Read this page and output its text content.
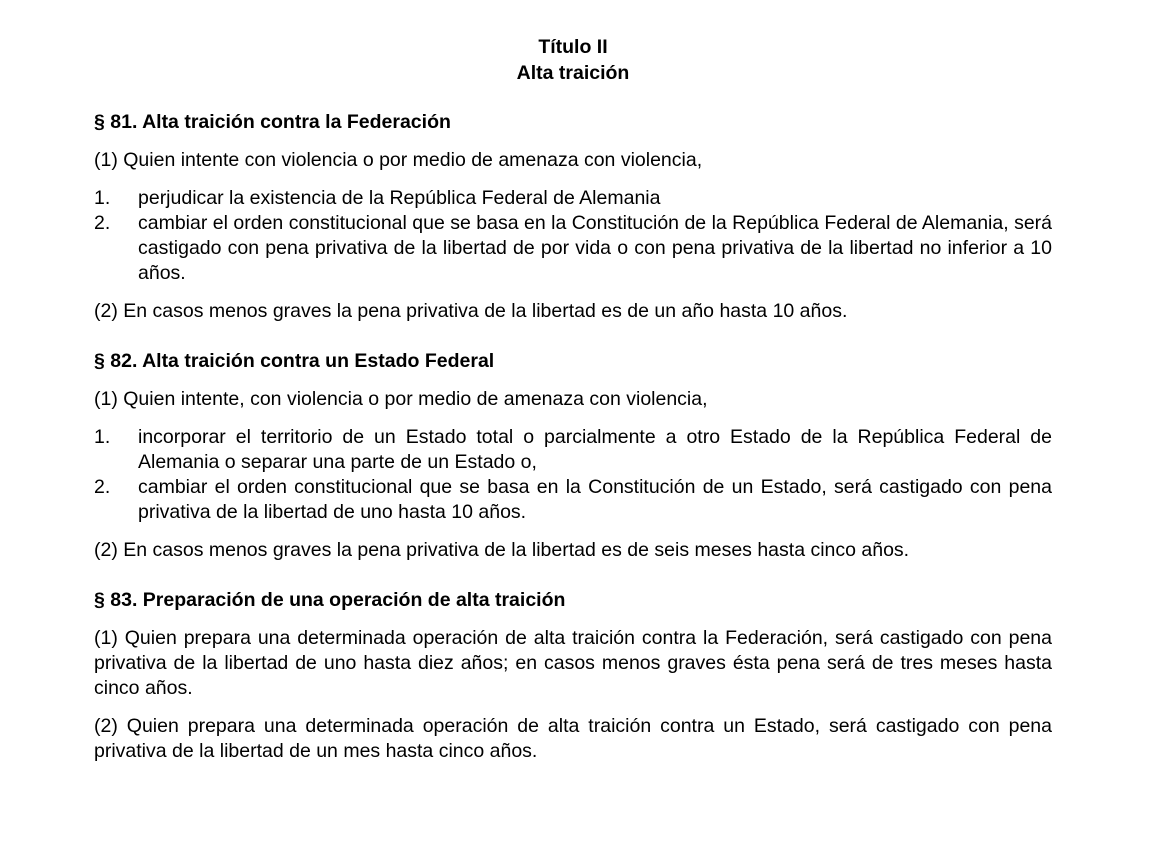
Título II
Alta traición
§ 81. Alta traición contra la Federación

(1) Quien intente con violencia o por medio de amenaza con violencia,

1.	perjudicar la existencia de la República Federal de Alemania
2.	cambiar el orden constitucional que se basa en la Constitución de la República Federal de Alemania, será castigado con pena privativa de la libertad de por vida o con pena privativa de la libertad no inferior a 10 años.

(2) En casos menos graves la pena privativa de la libertad es de un año hasta 10 años.

§ 82. Alta traición contra un Estado Federal

(1) Quien intente, con violencia o por medio de amenaza con violencia,

1.	incorporar el territorio de un Estado total o parcialmente a otro Estado de la República Federal de Alemania o separar una parte de un Estado o,
2.	cambiar el orden constitucional que se basa en la Constitución de un Estado, será castigado con pena privativa de la libertad de uno hasta 10 años.

(2) En casos menos graves la pena privativa de la libertad es de seis meses hasta cinco años.

§ 83. Preparación de una operación de alta traición

(1) Quien prepara una determinada operación de alta traición contra la Federación, será castigado con pena privativa de la libertad de uno hasta diez años; en casos menos graves ésta pena será de tres meses hasta cinco años.

(2) Quien prepara una determinada operación de alta traición contra un Estado, será castigado con pena privativa de la libertad de un mes hasta cinco años.
